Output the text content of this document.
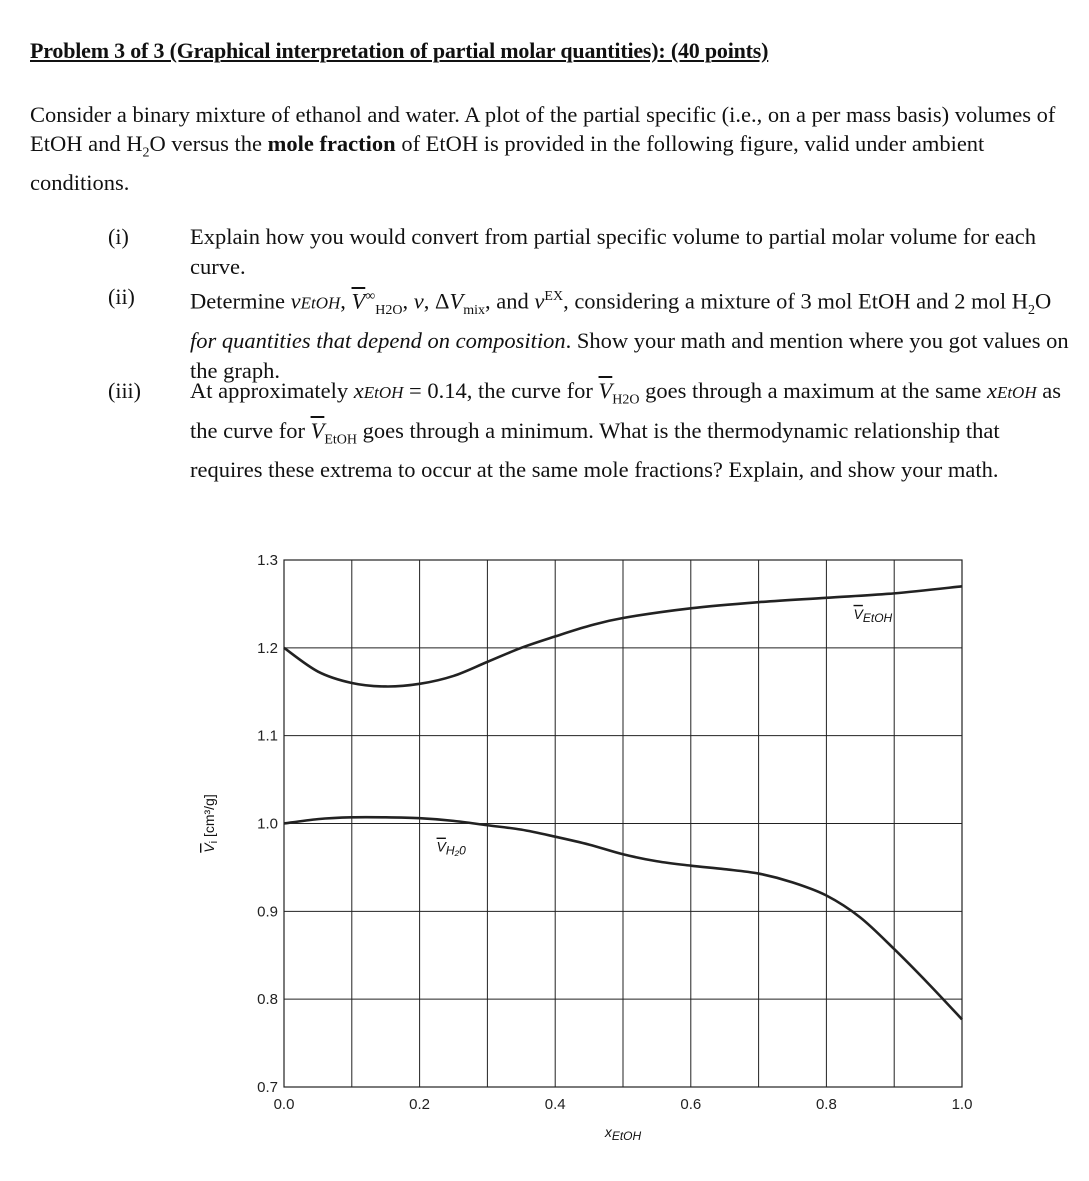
Problem 3 of 3 (Graphical interpretation of partial molar quantities): (40 points)
Consider a binary mixture of ethanol and water. A plot of the partial specific (i.e., on a per mass basis) volumes of EtOH and $H_2O$ versus the mole fraction of EtOH is provided in the following figure, valid under ambient conditions.
(i)	Explain how you would convert from partial specific volume to partial molar volume for each curve.
(ii) Determine vEtOH, $\overline{V}^\infty_{H2O}$, v, $\Delta V_{mix}$, and $v^{EX}$, considering a mixture of 3 mol EtOH and 2 mol $H_2O$ for quantities that depend on composition. Show your math and mention where you got values on the graph.
(iii) At approximately xEtOH = 0.14, the curve for $\overline{V}_{H2O}$ goes through a maximum at the same xEtOH as the curve for $\overline{V}_{EtOH}$ goes through a minimum. What is the thermodynamic relationship that requires these extrema to occur at the same mole fractions? Explain, and show your math.
0.0	0.2	0.4	0.6	0.8	1.0
1.3
1.2
1.1
1.0
0.9
0.8
0.7
VEtOH
VH₂0
xEtOH
$V_i$ [cm³/g]
